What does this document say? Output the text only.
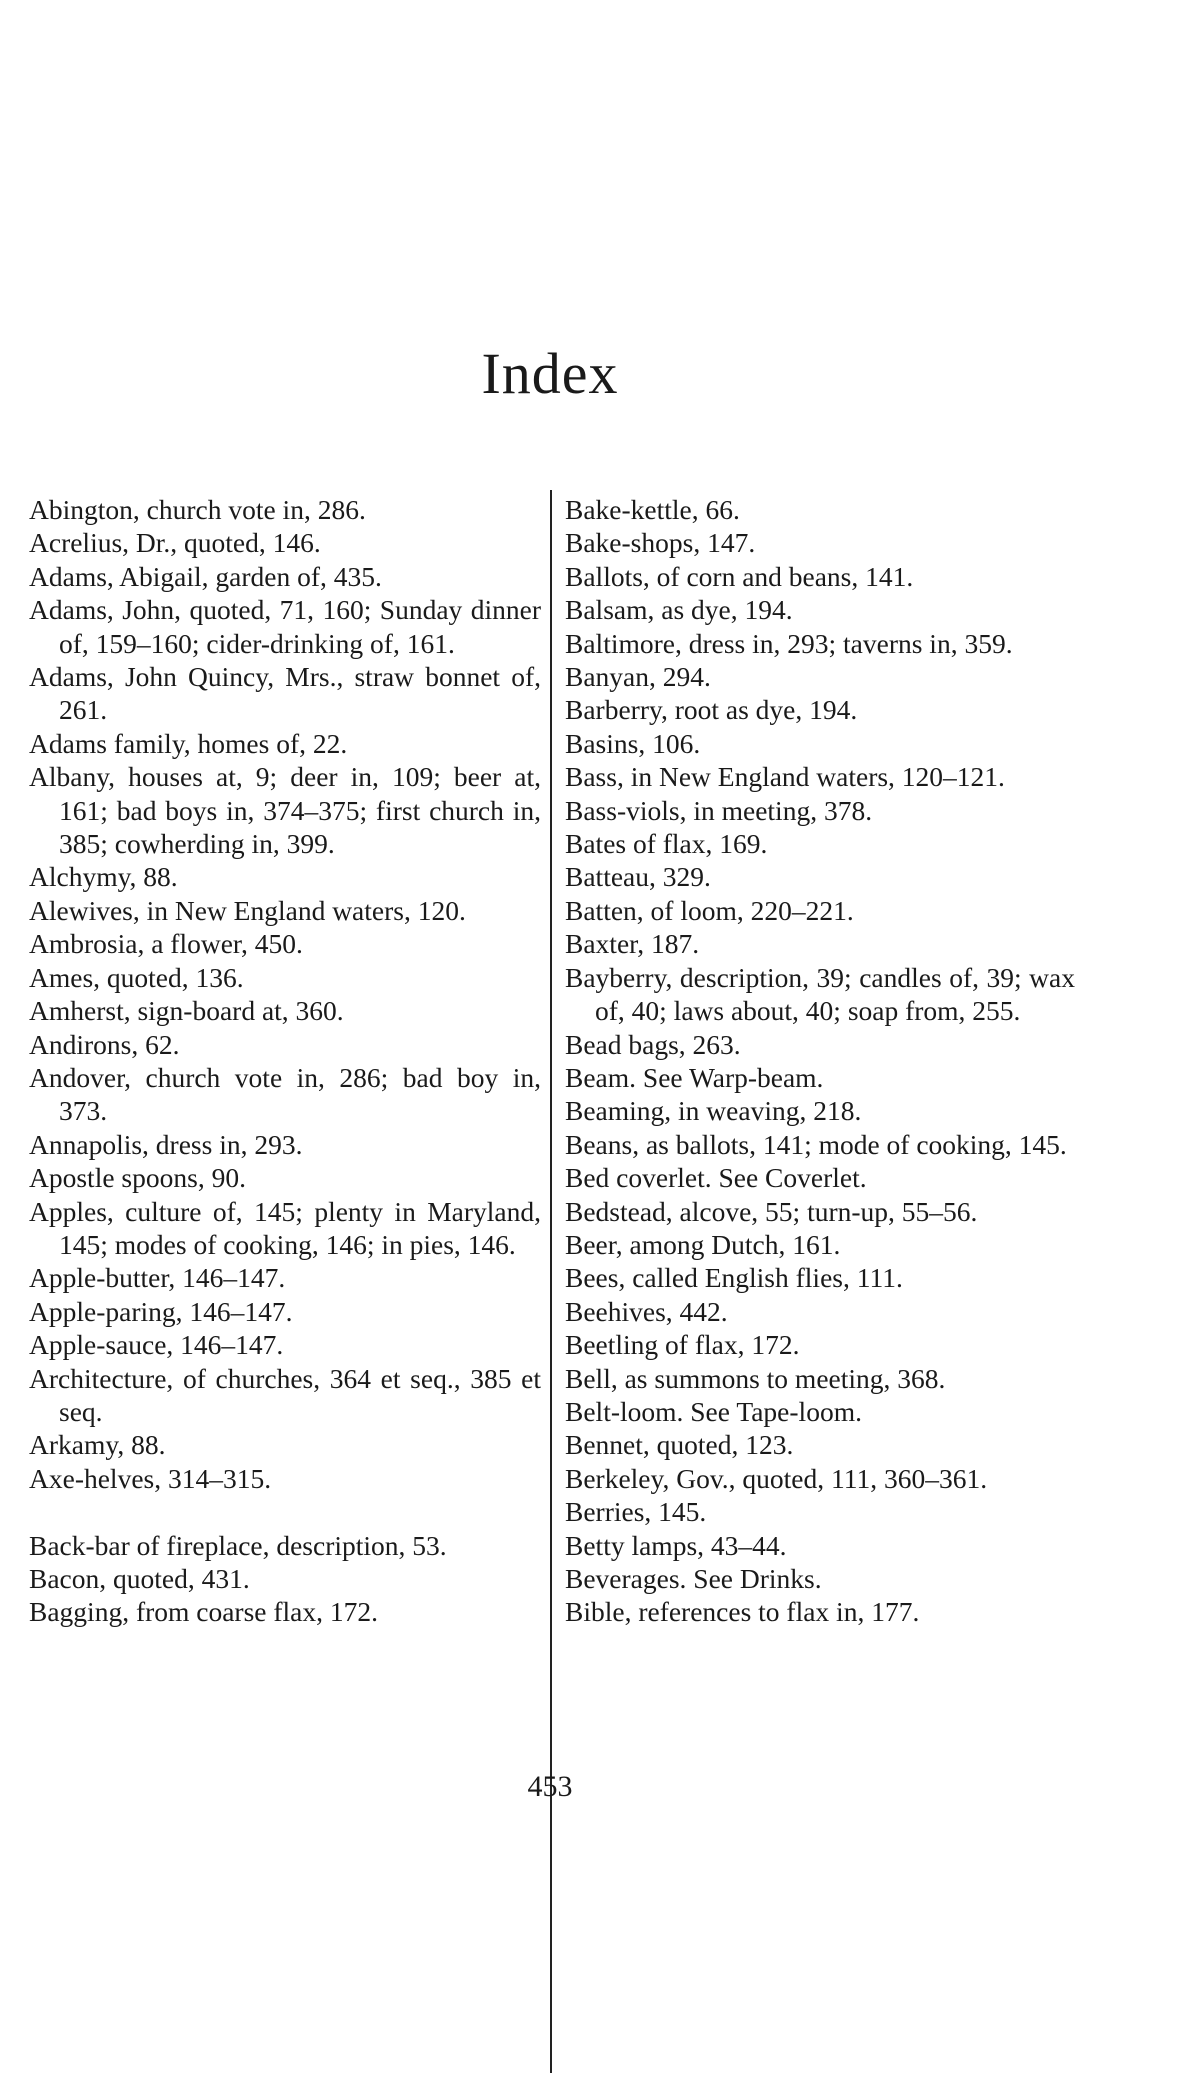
Index
Abington, church vote in, 286.
Acrelius, Dr., quoted, 146.
Adams, Abigail, garden of, 435.
Adams, John, quoted, 71, 160; Sunday dinner of, 159–160; cider-drinking of, 161.
Adams, John Quincy, Mrs., straw bonnet of, 261.
Adams family, homes of, 22.
Albany, houses at, 9; deer in, 109; beer at, 161; bad boys in, 374–375; first church in, 385; cowherding in, 399.
Alchymy, 88.
Alewives, in New England waters, 120.
Ambrosia, a flower, 450.
Ames, quoted, 136.
Amherst, sign-board at, 360.
Andirons, 62.
Andover, church vote in, 286; bad boy in, 373.
Annapolis, dress in, 293.
Apostle spoons, 90.
Apples, culture of, 145; plenty in Maryland, 145; modes of cooking, 146; in pies, 146.
Apple-butter, 146–147.
Apple-paring, 146–147.
Apple-sauce, 146–147.
Architecture, of churches, 364 et seq., 385 et seq.
Arkamy, 88.
Axe-helves, 314–315.
Back-bar of fireplace, description, 53.
Bacon, quoted, 431.
Bagging, from coarse flax, 172.
Bake-kettle, 66.
Bake-shops, 147.
Ballots, of corn and beans, 141.
Balsam, as dye, 194.
Baltimore, dress in, 293; taverns in, 359.
Banyan, 294.
Barberry, root as dye, 194.
Basins, 106.
Bass, in New England waters, 120–121.
Bass-viols, in meeting, 378.
Bates of flax, 169.
Batteau, 329.
Batten, of loom, 220–221.
Baxter, 187.
Bayberry, description, 39; candles of, 39; wax of, 40; laws about, 40; soap from, 255.
Bead bags, 263.
Beam. See Warp-beam.
Beaming, in weaving, 218.
Beans, as ballots, 141; mode of cooking, 145.
Bed coverlet. See Coverlet.
Bedstead, alcove, 55; turn-up, 55–56.
Beer, among Dutch, 161.
Bees, called English flies, 111.
Beehives, 442.
Beetling of flax, 172.
Bell, as summons to meeting, 368.
Belt-loom. See Tape-loom.
Bennet, quoted, 123.
Berkeley, Gov., quoted, 111, 360–361.
Berries, 145.
Betty lamps, 43–44.
Beverages. See Drinks.
Bible, references to flax in, 177.

453
